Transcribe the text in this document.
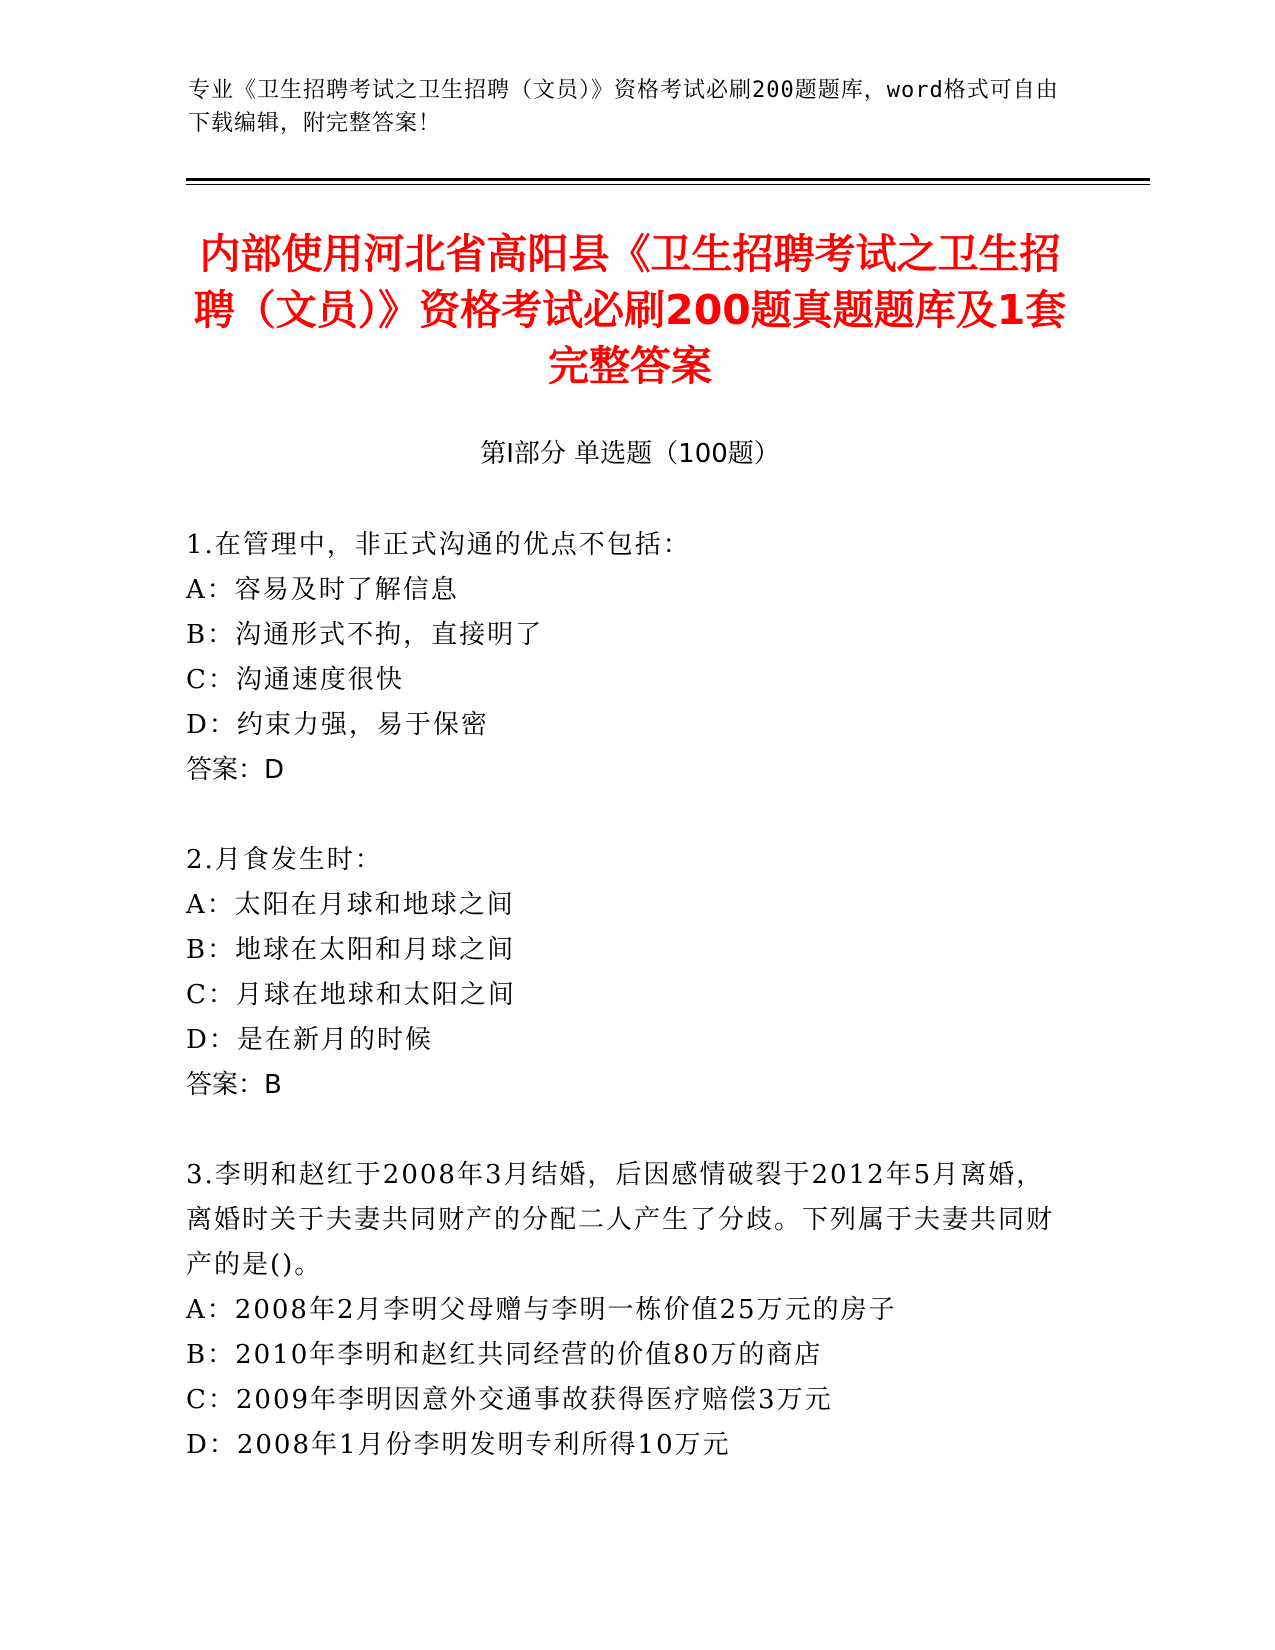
专业《卫生招聘考试之卫生招聘（文员）》资格考试必刷200题题库，word格式可自由下载编辑，附完整答案！
内部使用河北省高阳县《卫生招聘考试之卫生招聘（文员）》资格考试必刷200题真题题库及1套完整答案
第Ⅰ部分 单选题（100题）
1.在管理中，非正式沟通的优点不包括：
A：容易及时了解信息
B：沟通形式不拘，直接明了
C：沟通速度很快
D：约束力强，易于保密
答案：D
2.月食发生时：
A：太阳在月球和地球之间
B：地球在太阳和月球之间
C：月球在地球和太阳之间
D：是在新月的时候
答案：B
3.李明和赵红于2008年3月结婚，后因感情破裂于2012年5月离婚，离婚时关于夫妻共同财产的分配二人产生了分歧。下列属于夫妻共同财产的是()。
A：2008年2月李明父母赠与李明一栋价值25万元的房子
B：2010年李明和赵红共同经营的价值80万的商店
C：2009年李明因意外交通事故获得医疗赔偿3万元
D：2008年1月份李明发明专利所得10万元
